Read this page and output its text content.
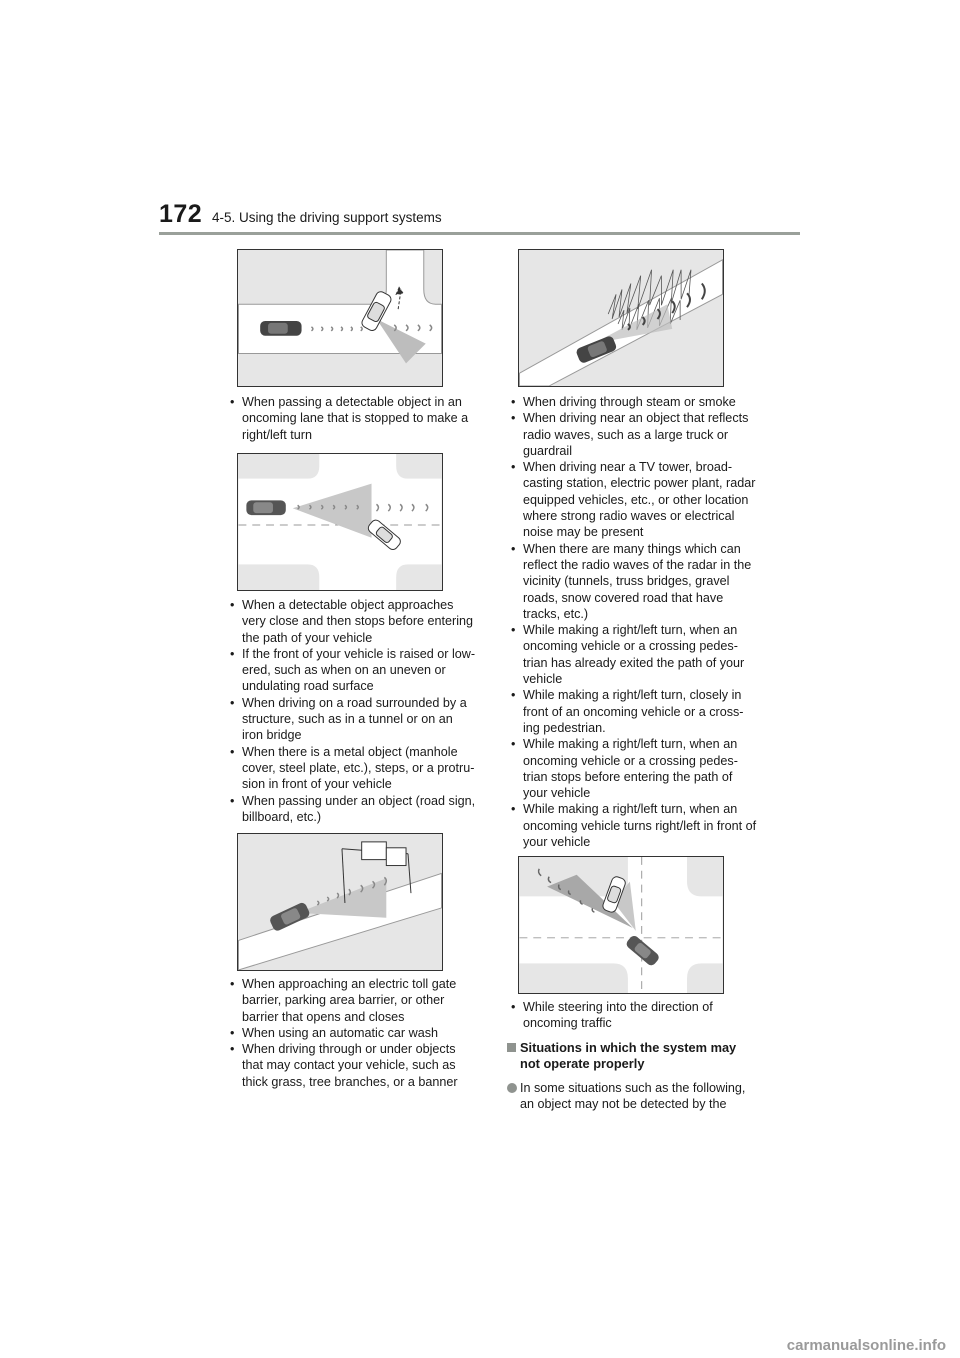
172 4-5. Using the driving support systems
• When passing a detectable object in an oncoming lane that is stopped to make a right/left turn
• When a detectable object approaches very close and then stops before entering the path of your vehicle
• If the front of your vehicle is raised or low-ered, such as when on an uneven or undulating road surface
• When driving on a road surrounded by a structure, such as in a tunnel or on an iron bridge
• When there is a metal object (manhole cover, steel plate, etc.), steps, or a protru-sion in front of your vehicle
• When passing under an object (road sign, billboard, etc.)
• When approaching an electric toll gate barrier, parking area barrier, or other barrier that opens and closes
• When using an automatic car wash
• When driving through or under objects that may contact your vehicle, such as thick grass, tree branches, or a banner
• When driving through steam or smoke
• When driving near an object that reflects radio waves, such as a large truck or guardrail
• When driving near a TV tower, broad-casting station, electric power plant, radar equipped vehicles, etc., or other location where strong radio waves or electrical noise may be present
• When there are many things which can reflect the radio waves of the radar in the vicinity (tunnels, truss bridges, gravel roads, snow covered road that have tracks, etc.)
• While making a right/left turn, when an oncoming vehicle or a crossing pedes-trian has already exited the path of your vehicle
• While making a right/left turn, closely in front of an oncoming vehicle or a cross-ing pedestrian.
• While making a right/left turn, when an oncoming vehicle or a crossing pedes-trian stops before entering the path of your vehicle
• While making a right/left turn, when an oncoming vehicle turns right/left in front of your vehicle
• While steering into the direction of oncoming traffic
Situations in which the system may not operate properly
In some situations such as the following, an object may not be detected by the
carmanualsonline.info
